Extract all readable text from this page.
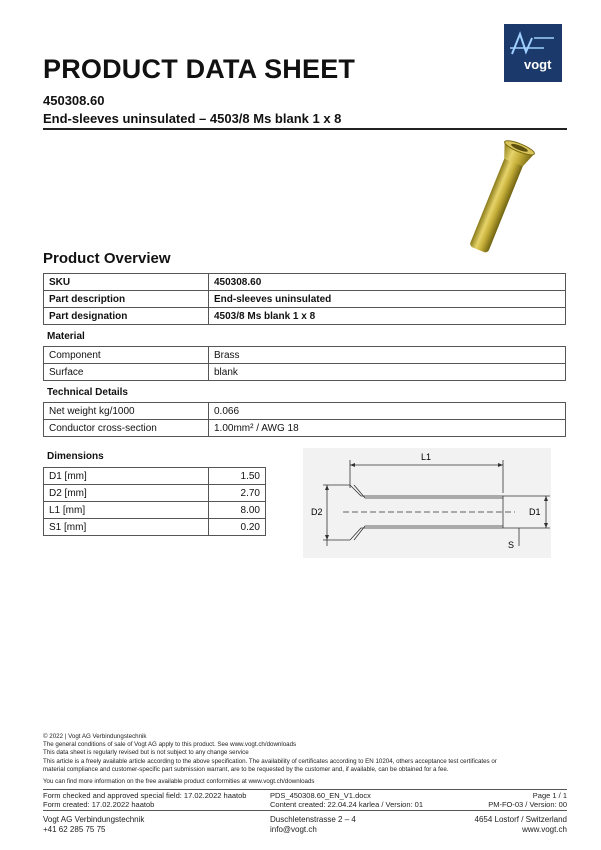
vogt
PRODUCT DATA SHEET
450308.60
End-sleeves uninsulated – 4503/8 Ms blank 1 x 8
Product Overview
SKU	450308.60
Part description	End-sleeves uninsulated
Part designation	4503/8 Ms blank 1 x 8
Material
Component	Brass
Surface	blank
Technical Details
Net weight kg/1000	0.066
Conductor cross-section	1.00mm² / AWG 18
Dimensions
D1 [mm]	1.50
D2 [mm]	2.70
L1 [mm]	8.00
S1 [mm]	0.20
L1
D2	D1
S
© 2022 | Vogt AG Verbindungstechnik
The general conditions of sale of Vogt AG apply to this product. See www.vogt.ch/downloads
This data sheet is regularly revised but is not subject to any change service
This article is a freely available article according to the above specification. The availability of certificates according to EN 10204, others acceptance test certificates or
material compliance and customer-specific part submission warrant, are to be requested by the customer and, if available, can be obtained for a fee.
You can find more information on the free available product conformities at www.vogt.ch/downloads
Form checked and approved special field: 17.02.2022 haatob
Form created: 17.02.2022 haatob
PDS_450308.60_EN_V1.docx
Content created: 22.04.24 karlea / Version: 01
Page 1 / 1
PM-FO-03 / Version: 00
Vogt AG Verbindungstechnik
+41 62 285 75 75
Duschletenstrasse 2 – 4
info@vogt.ch
4654 Lostorf / Switzerland
www.vogt.ch
